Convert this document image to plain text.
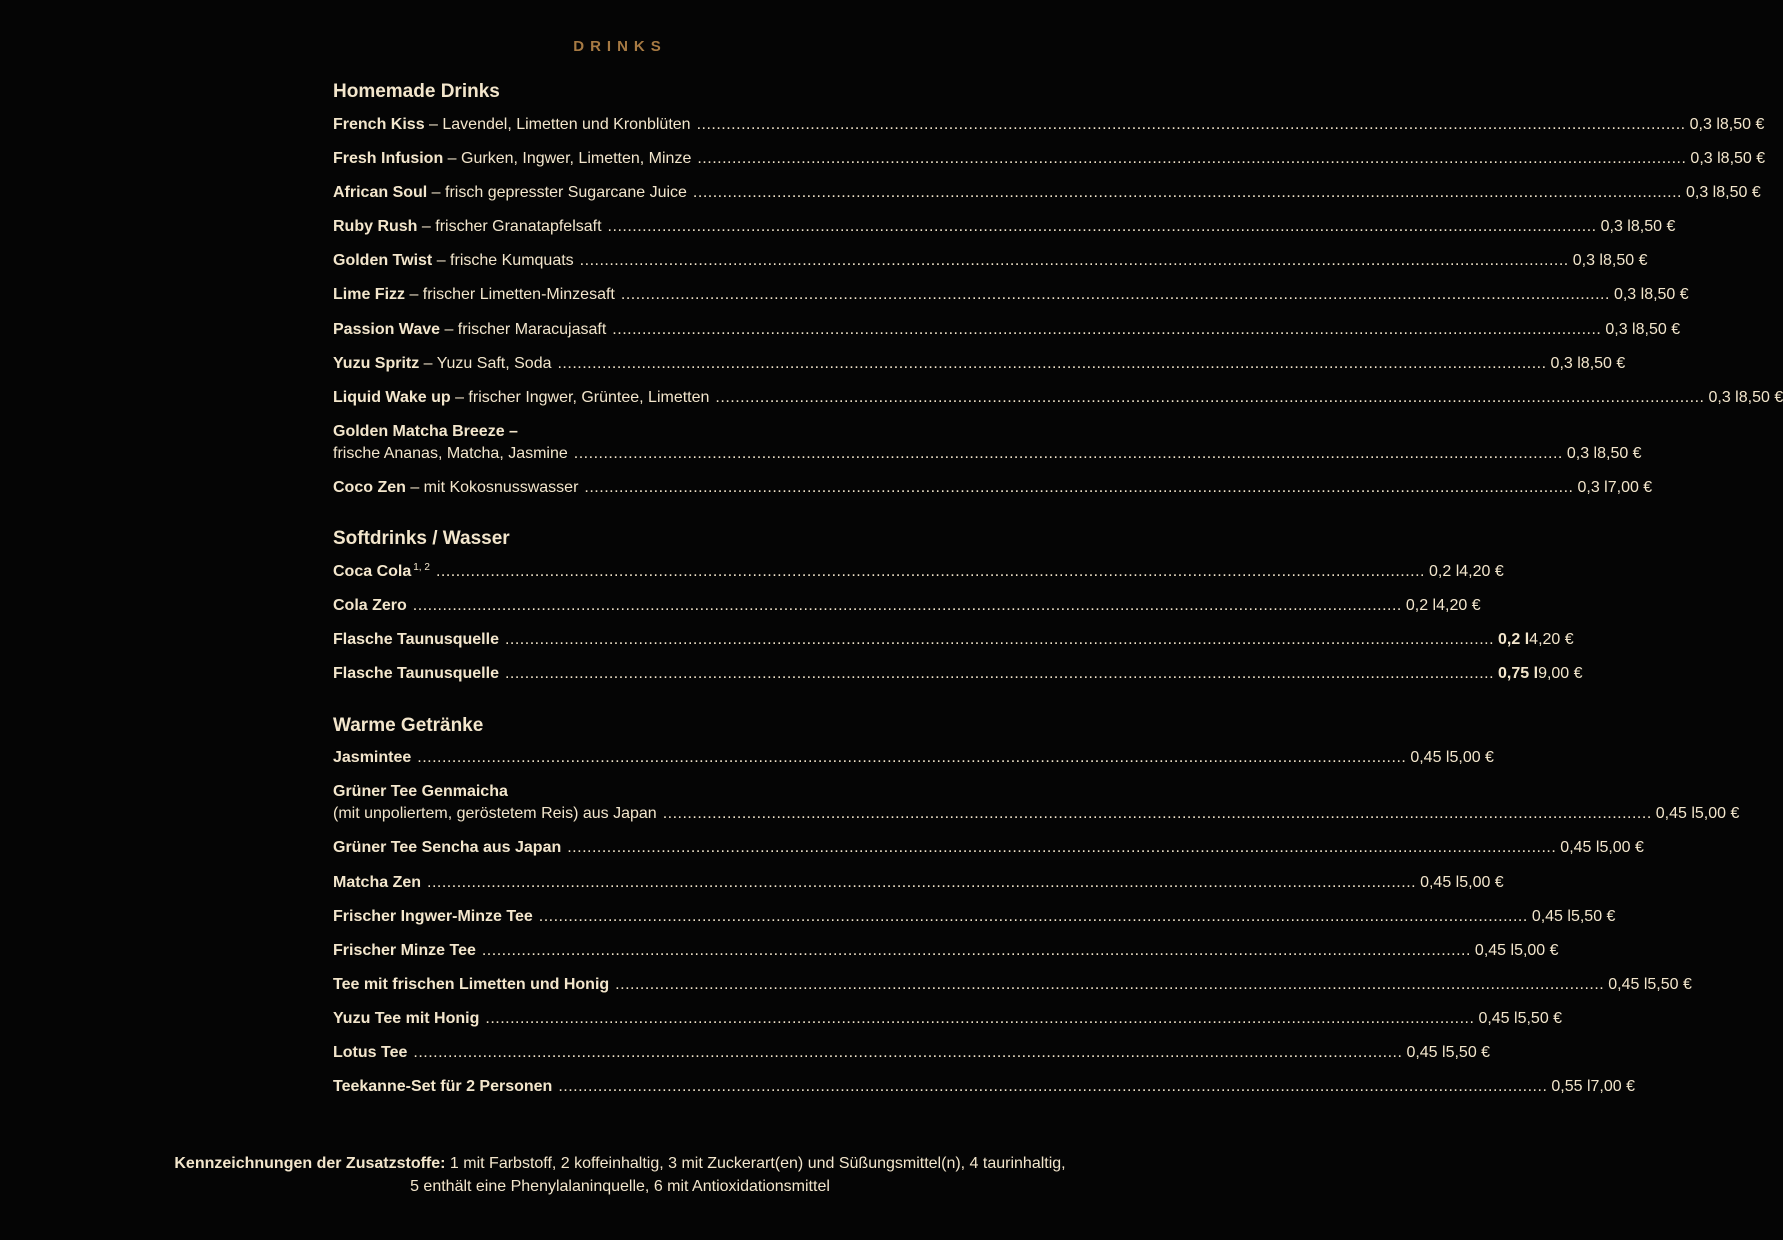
DRINKS
Homemade Drinks
French Kiss – Lavendel, Limetten und Kronblüten ........................................................................................................................................................................................................ 0,3 l 8,50 €
Fresh Infusion – Gurken, Ingwer, Limetten, Minze ........................................................................................................................................................................................................ 0,3 l 8,50 €
African Soul – frisch gepresster Sugarcane Juice ........................................................................................................................................................................................................ 0,3 l 8,50 €
Ruby Rush – frischer Granatapfelsaft ........................................................................................................................................................................................................ 0,3 l 8,50 €
Golden Twist – frische Kumquats ........................................................................................................................................................................................................ 0,3 l 8,50 €
Lime Fizz – frischer Limetten-Minzesaft ........................................................................................................................................................................................................ 0,3 l 8,50 €
Passion Wave – frischer Maracujasaft ........................................................................................................................................................................................................ 0,3 l 8,50 €
Yuzu Spritz – Yuzu Saft, Soda ........................................................................................................................................................................................................ 0,3 l 8,50 €
Liquid Wake up – frischer Ingwer, Grüntee, Limetten ........................................................................................................................................................................................................ 0,3 l 8,50 €
Golden Matcha Breeze –
frische Ananas, Matcha, Jasmine ........................................................................................................................................................................................................ 0,3 l 8,50 €
Coco Zen – mit Kokosnusswasser ........................................................................................................................................................................................................ 0,3 l 7,00 €
Softdrinks / Wasser
Coca Cola $^{1, 2}$ ........................................................................................................................................................................................................ 0,2 l 4,20 €
Cola Zero ........................................................................................................................................................................................................ 0,2 l 4,20 €
Flasche Taunusquelle ........................................................................................................................................................................................................ 0,2 l 4,20 €
Flasche Taunusquelle ........................................................................................................................................................................................................ 0,75 l 9,00 €
Warme Getränke
Jasmintee ........................................................................................................................................................................................................ 0,45 l 5,00 €
Grüner Tee Genmaicha
(mit unpoliertem, geröstetem Reis) aus Japan ........................................................................................................................................................................................................ 0,45 l 5,00 €
Grüner Tee Sencha aus Japan ........................................................................................................................................................................................................ 0,45 l 5,00 €
Matcha Zen ........................................................................................................................................................................................................ 0,45 l 5,00 €
Frischer Ingwer-Minze Tee ........................................................................................................................................................................................................ 0,45 l 5,50 €
Frischer Minze Tee ........................................................................................................................................................................................................ 0,45 l 5,00 €
Tee mit frischen Limetten und Honig ........................................................................................................................................................................................................ 0,45 l 5,50 €
Yuzu Tee mit Honig ........................................................................................................................................................................................................ 0,45 l 5,50 €
Lotus Tee ........................................................................................................................................................................................................ 0,45 l 5,50 €
Teekanne-Set für 2 Personen ........................................................................................................................................................................................................ 0,55 l 7,00 €
Kennzeichnungen der Zusatzstoffe: 1 mit Farbstoff, 2 koffeinhaltig, 3 mit Zuckerart(en) und Süßungsmittel(n), 4 taurinhaltig,
5 enthält eine Phenylalaninquelle, 6 mit Antioxidationsmittel
